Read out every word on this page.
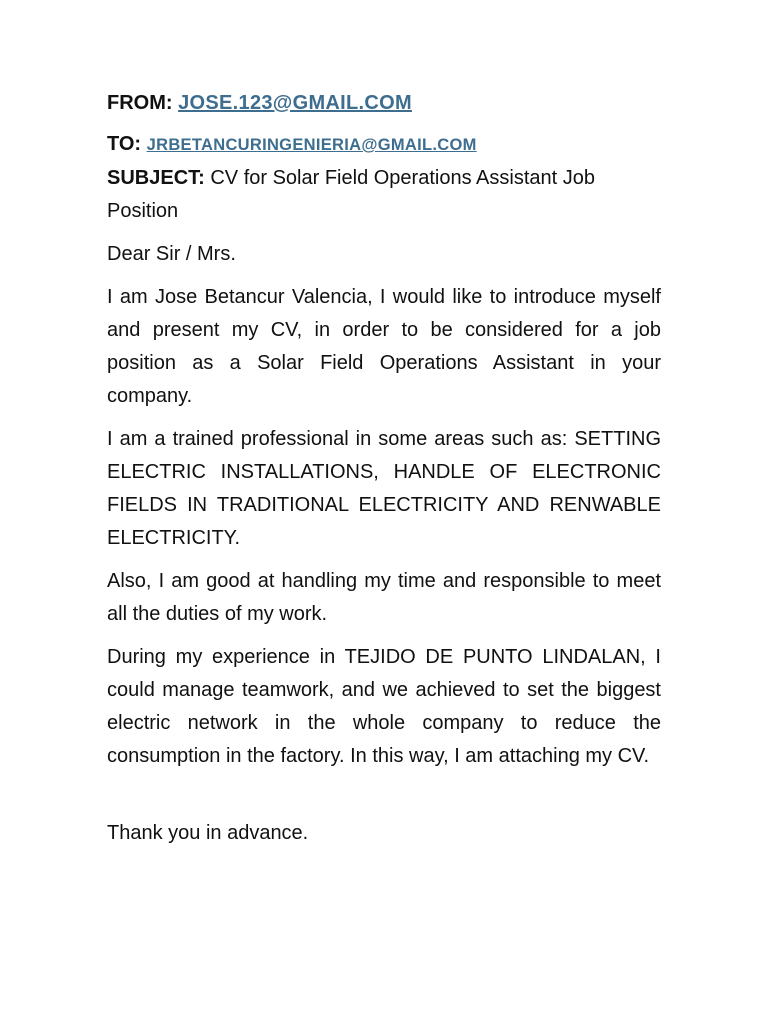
FROM: JOSE.123@GMAIL.COM
TO: JRBETANCURINGENIERIA@GMAIL.COM

SUBJECT: CV for Solar Field Operations Assistant Job Position

Dear Sir / Mrs.

I am Jose Betancur Valencia, I would like to introduce myself and present my CV, in order to be considered for a job position as a Solar Field Operations Assistant in your company.

I am a trained professional in some areas such as: SETTING ELECTRIC INSTALLATIONS, HANDLE OF ELECTRONIC FIELDS IN TRADITIONAL ELECTRICITY AND RENWABLE ELECTRICITY.

Also, I am good at handling my time and responsible to meet all the duties of my work.

During my experience in TEJIDO DE PUNTO LINDALAN, I could manage teamwork, and we achieved to set the biggest electric network in the whole company to reduce the consumption in the factory. In this way, I am attaching my CV.

Thank you in advance.
